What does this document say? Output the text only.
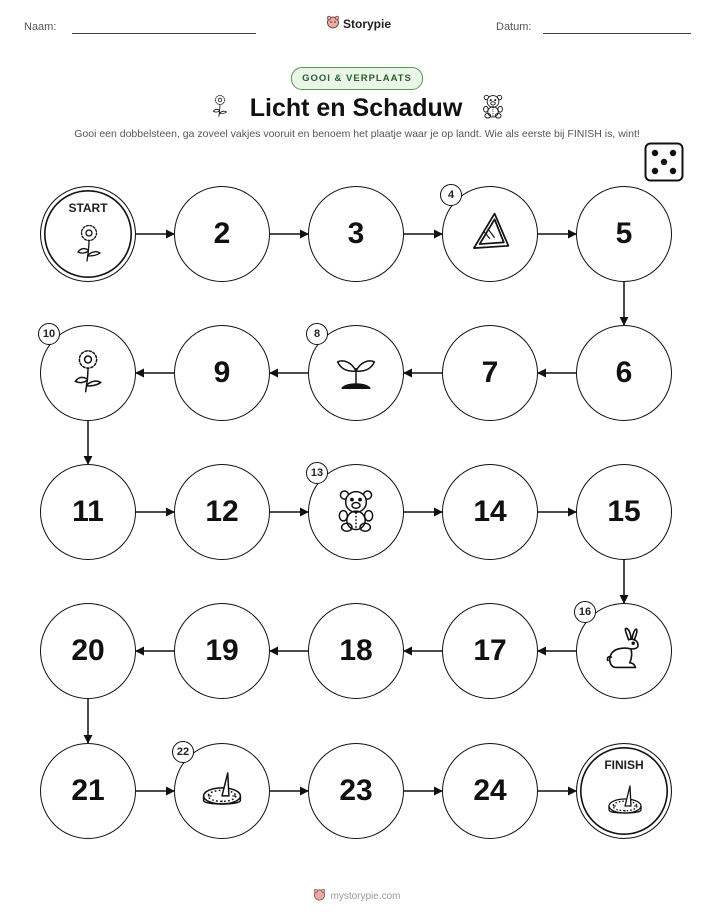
Naam:	Storypie	Datum:
GOOI & VERPLAATS
Licht en Schaduw
Gooi een dobbelsteen, ga zoveel vakjes vooruit en benoem het plaatje waar je op landt. Wie als eerste bij FINISH is, wint!
START
2	3
4
5
6
7
8
9
10
11	12
13
14	15
16
17
18
19
20
21
22
23	24
FINISH
mystorypie.com
